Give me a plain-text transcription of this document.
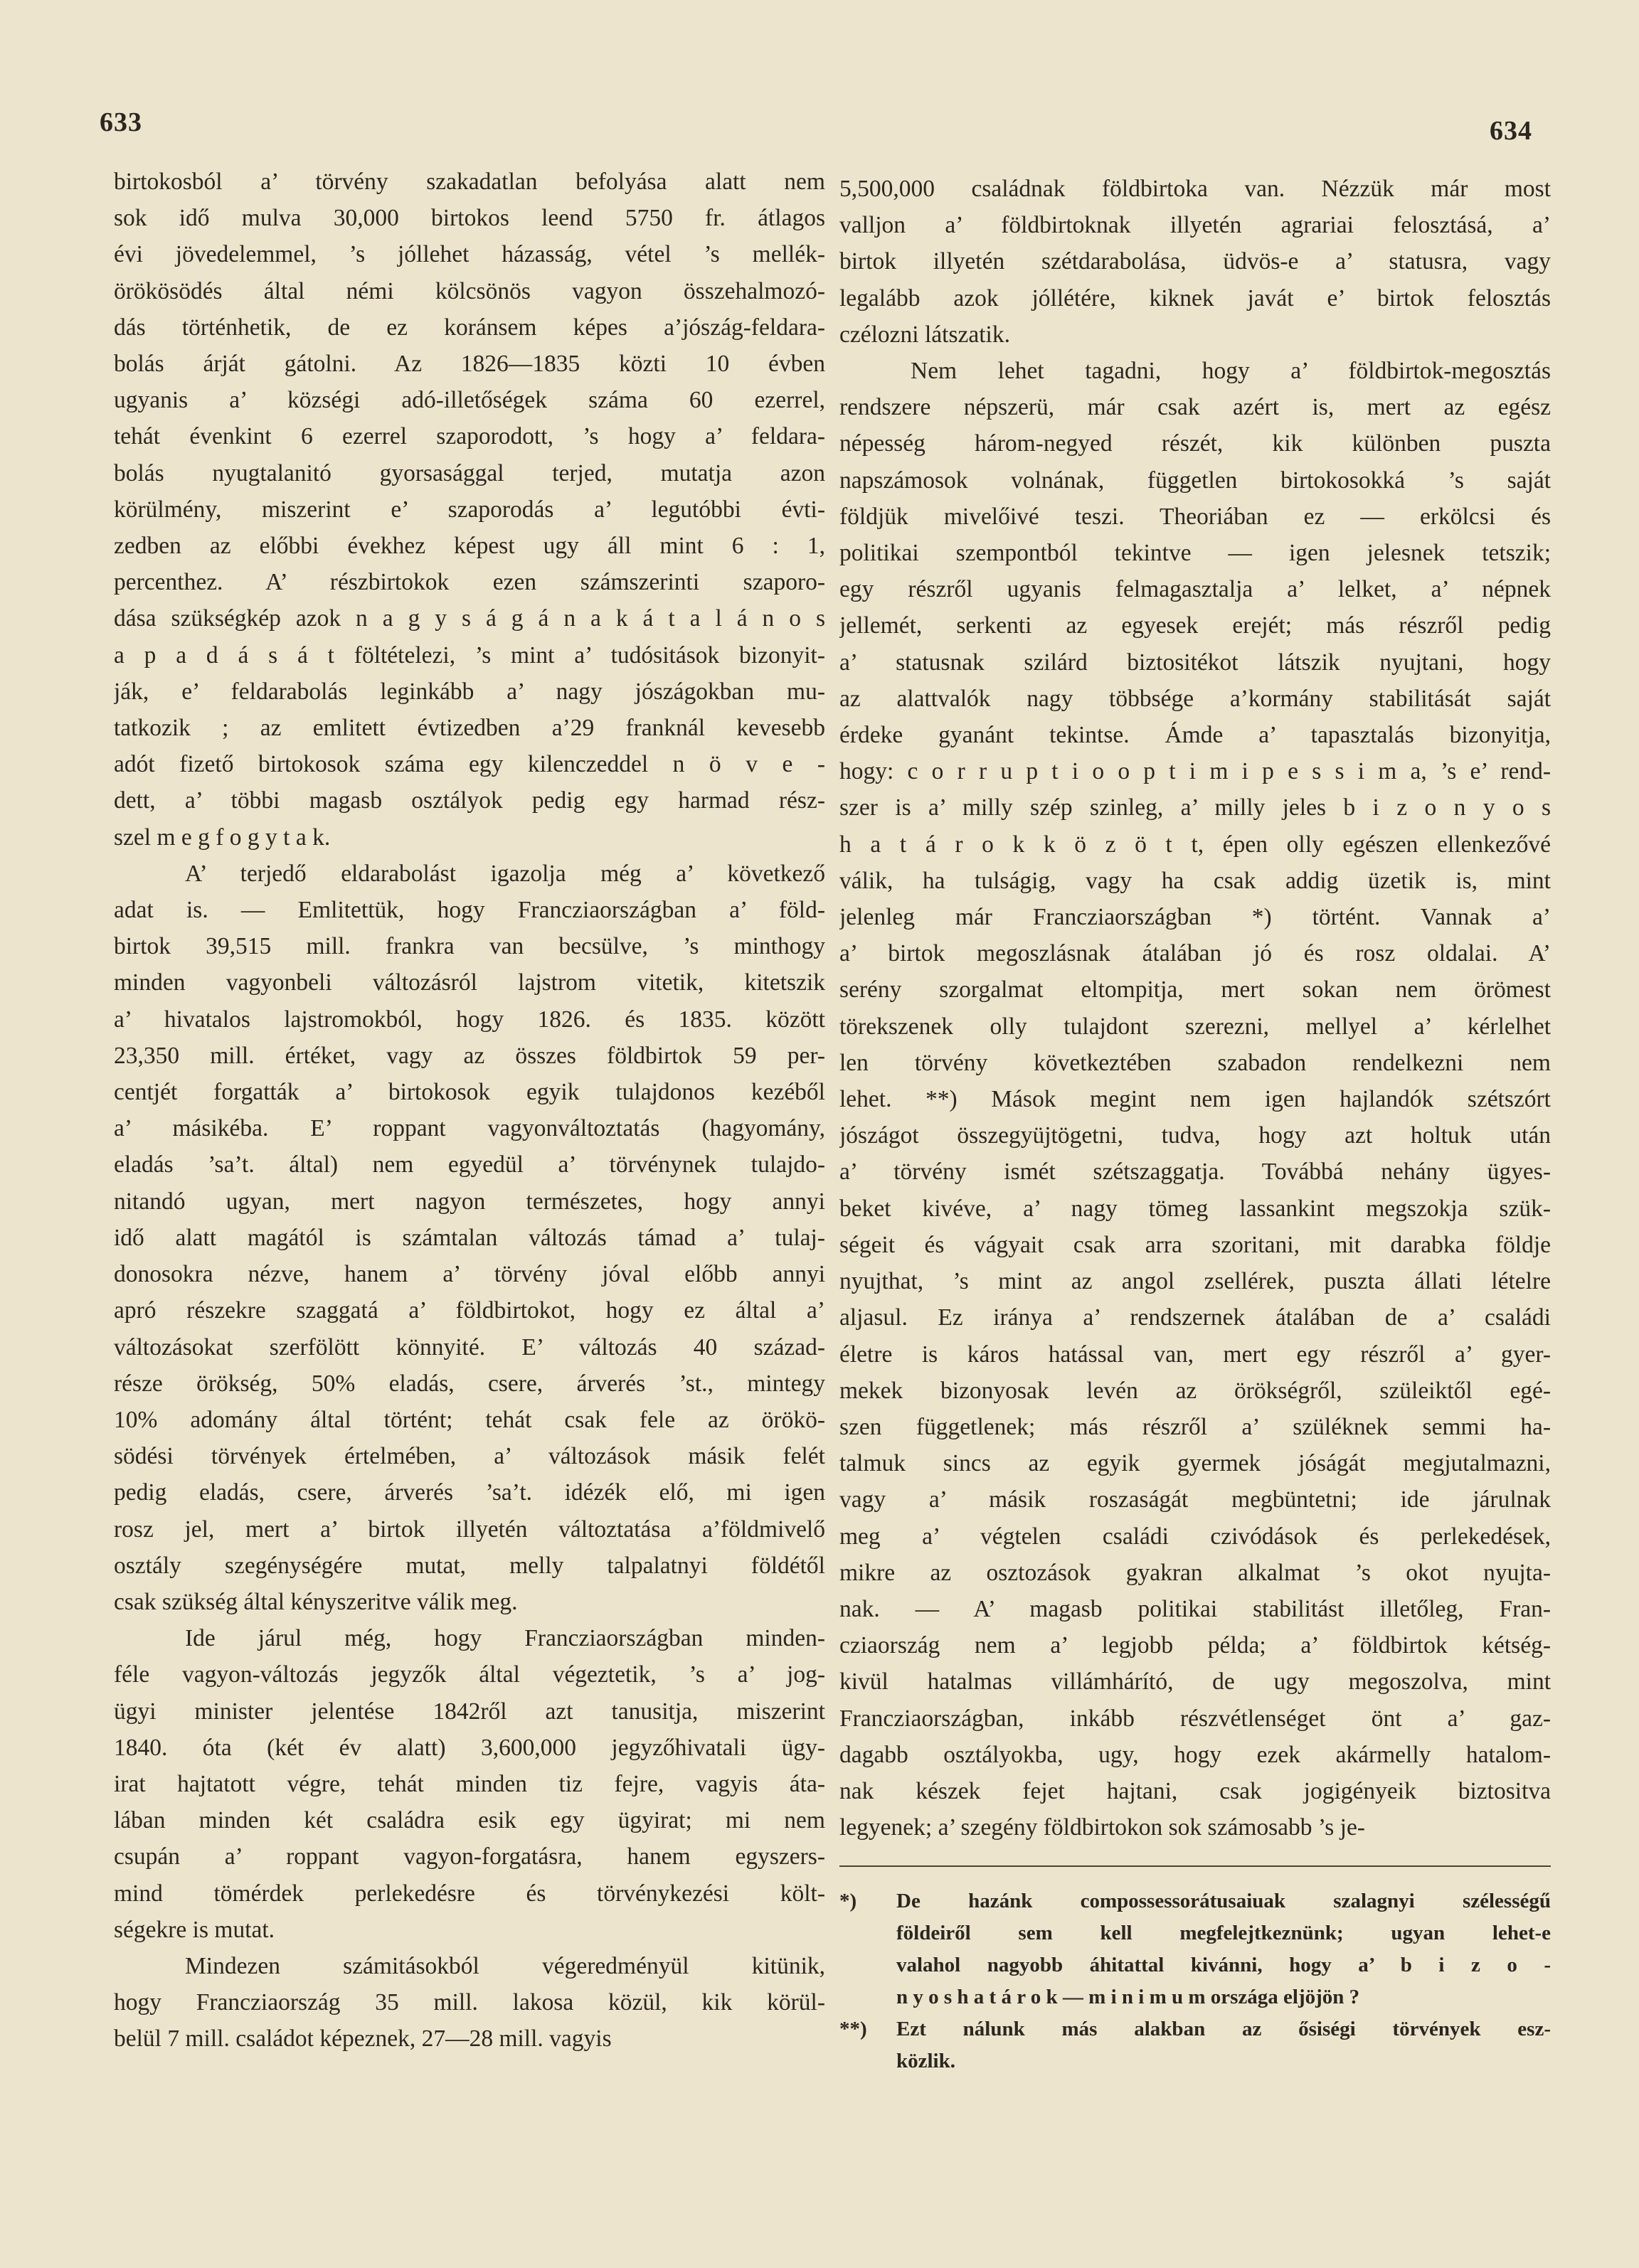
633	634

birtokosból a’ törvény szakadatlan befolyása alatt nem
sok idő mulva 30,000 birtokos leend 5750 fr. átlagos
évi jövedelemmel, ’s jóllehet házasság, vétel ’s mellék-
örökösödés által némi kölcsönös vagyon összehalmozó-
dás történhetik, de ez koránsem képes a’jószág-feldara-
bolás árját gátolni. Az 1826—1835 közti 10 évben
ugyanis a’ községi adó-illetőségek száma 60 ezerrel,
tehát évenkint 6 ezerrel szaporodott, ’s hogy a’ feldara-
bolás nyugtalanitó gyorsasággal terjed, mutatja azon
körülmény, miszerint e’ szaporodás a’ legutóbbi évti-
zedben az előbbi évekhez képest ugy áll mint 6 : 1,
percenthez. A’ részbirtokok ezen számszerinti szaporo-
dása szükségkép azok n a g y s á g á n a k á t a l á n o s
a p a d á s á t föltételezi, ’s mint a’ tudósitások bizonyit-
ják, e’ feldarabolás leginkább a’ nagy jószágokban mu-
tatkozik ; az emlitett évtizedben a’29 franknál kevesebb
adót fizető birtokosok száma egy kilenczeddel n ö v e -
dett, a’ többi magasb osztályok pedig egy harmad rész-
szel m e g f o g y t a k.

A’ terjedő eldarabolást igazolja még a’ következő
adat is. — Emlitettük, hogy Francziaországban a’ föld-
birtok 39,515 mill. frankra van becsülve, ’s minthogy
minden vagyonbeli változásról lajstrom vitetik, kitetszik
a’ hivatalos lajstromokból, hogy 1826. és 1835. között
23,350 mill. értéket, vagy az összes földbirtok 59 per-
centjét forgatták a’ birtokosok egyik tulajdonos kezéből
a’ másikéba. E’ roppant vagyonváltoztatás (hagyomány,
eladás ’sa’t. által) nem egyedül a’ törvénynek tulajdo-
nitandó ugyan, mert nagyon természetes, hogy annyi
idő alatt magától is számtalan változás támad a’ tulaj-
donosokra nézve, hanem a’ törvény jóval előbb annyi
apró részekre szaggatá a’ földbirtokot, hogy ez által a’
változásokat szerfölött könnyité. E’ változás 40 század-
része örökség, 50% eladás, csere, árverés ’st., mintegy
10% adomány által történt; tehát csak fele az örökö-
södési törvények értelmében, a’ változások másik felét
pedig eladás, csere, árverés ’sa’t. idézék elő, mi igen
rosz jel, mert a’ birtok illyetén változtatása a’földmivelő
osztály szegénységére mutat, melly talpalatnyi földétől
csak szükség által kényszeritve válik meg.

Ide járul még, hogy Francziaországban minden-
féle vagyon-változás jegyzők által végeztetik, ’s a’ jog-
ügyi minister jelentése 1842ről azt tanusitja, miszerint
1840. óta (két év alatt) 3,600,000 jegyzőhivatali ügy-
irat hajtatott végre, tehát minden tiz fejre, vagyis áta-
lában minden két családra esik egy ügyirat; mi nem
csupán a’ roppant vagyon-forgatásra, hanem egyszers-
mind tömérdek perlekedésre és törvénykezési költ-
ségekre is mutat.

Mindezen számitásokból végeredményül kitünik,
hogy Francziaország 35 mill. lakosa közül, kik körül-
belül 7 mill. családot képeznek, 27—28 mill. vagyis

5,500,000 családnak földbirtoka van. Nézzük már most
valljon a’ földbirtoknak illyetén agrariai felosztásá, a’
birtok illyetén szétdarabolása, üdvös-e a’ statusra, vagy
legalább azok jóllétére, kiknek javát e’ birtok felosztás
czélozni látszatik.

Nem lehet tagadni, hogy a’ földbirtok-megosztás
rendszere népszerü, már csak azért is, mert az egész
népesség három-negyed részét, kik különben puszta
napszámosok volnának, független birtokosokká ’s saját
földjük mivelőivé teszi. Theoriában ez — erkölcsi és
politikai szempontból tekintve — igen jelesnek tetszik;
egy részről ugyanis felmagasztalja a’ lelket, a’ népnek
jellemét, serkenti az egyesek erejét; más részről pedig
a’ statusnak szilárd biztositékot látszik nyujtani, hogy
az alattvalók nagy többsége a’kormány stabilitását saját
érdeke gyanánt tekintse. Ámde a’ tapasztalás bizonyitja,
hogy: c o r r u p t i o o p t i m i p e s s i m a, ’s e’ rend-
szer is a’ milly szép szinleg, a’ milly jeles b i z o n y o s
h a t á r o k k ö z ö t t, épen olly egészen ellenkezővé
válik, ha tulságig, vagy ha csak addig üzetik is, mint
jelenleg már Francziaországban *) történt. Vannak a’
a’ birtok megoszlásnak átalában jó és rosz oldalai. A’
serény szorgalmat eltompitja, mert sokan nem örömest
törekszenek olly tulajdont szerezni, mellyel a’ kérlelhet
len törvény következtében szabadon rendelkezni nem
lehet. **) Mások megint nem igen hajlandók szétszórt
jószágot összegyüjtögetni, tudva, hogy azt holtuk után
a’ törvény ismét szétszaggatja. Továbbá nehány ügyes-
beket kivéve, a’ nagy tömeg lassankint megszokja szük-
ségeit és vágyait csak arra szoritani, mit darabka földje
nyujthat, ’s mint az angol zsellérek, puszta állati lételre
aljasul. Ez iránya a’ rendszernek átalában de a’ családi
életre is káros hatással van, mert egy részről a’ gyer-
mekek bizonyosak levén az örökségről, szüleiktől egé-
szen függetlenek; más részről a’ szüléknek semmi ha-
talmuk sincs az egyik gyermek jóságát megjutalmazni,
vagy a’ másik roszaságát megbüntetni; ide járulnak
meg a’ végtelen családi czivódások és perlekedések,
mikre az osztozások gyakran alkalmat ’s okot nyujta-
nak. — A’ magasb politikai stabilitást illetőleg, Fran-
cziaország nem a’ legjobb példa; a’ földbirtok kétség-
kivül hatalmas villámhárító, de ugy megoszolva, mint
Francziaországban, inkább részvétlenséget önt a’ gaz-
dagabb osztályokba, ugy, hogy ezek akármelly hatalom-
nak készek fejet hajtani, csak jogigényeik biztositva
legyenek; a’ szegény földbirtokon sok számosabb ’s je-

*) De hazánk compossessorátusaiuak szalagnyi szélességű
földeiről sem kell megfelejtkeznünk; ugyan lehet-e
valahol nagyobb áhitattal kivánni, hogy a’ b i z o -
n y o s h a t á r o k — m i n i m u m országa eljöjön ?
**) Ezt nálunk más alakban az ősiségi törvények esz-
közlik.
